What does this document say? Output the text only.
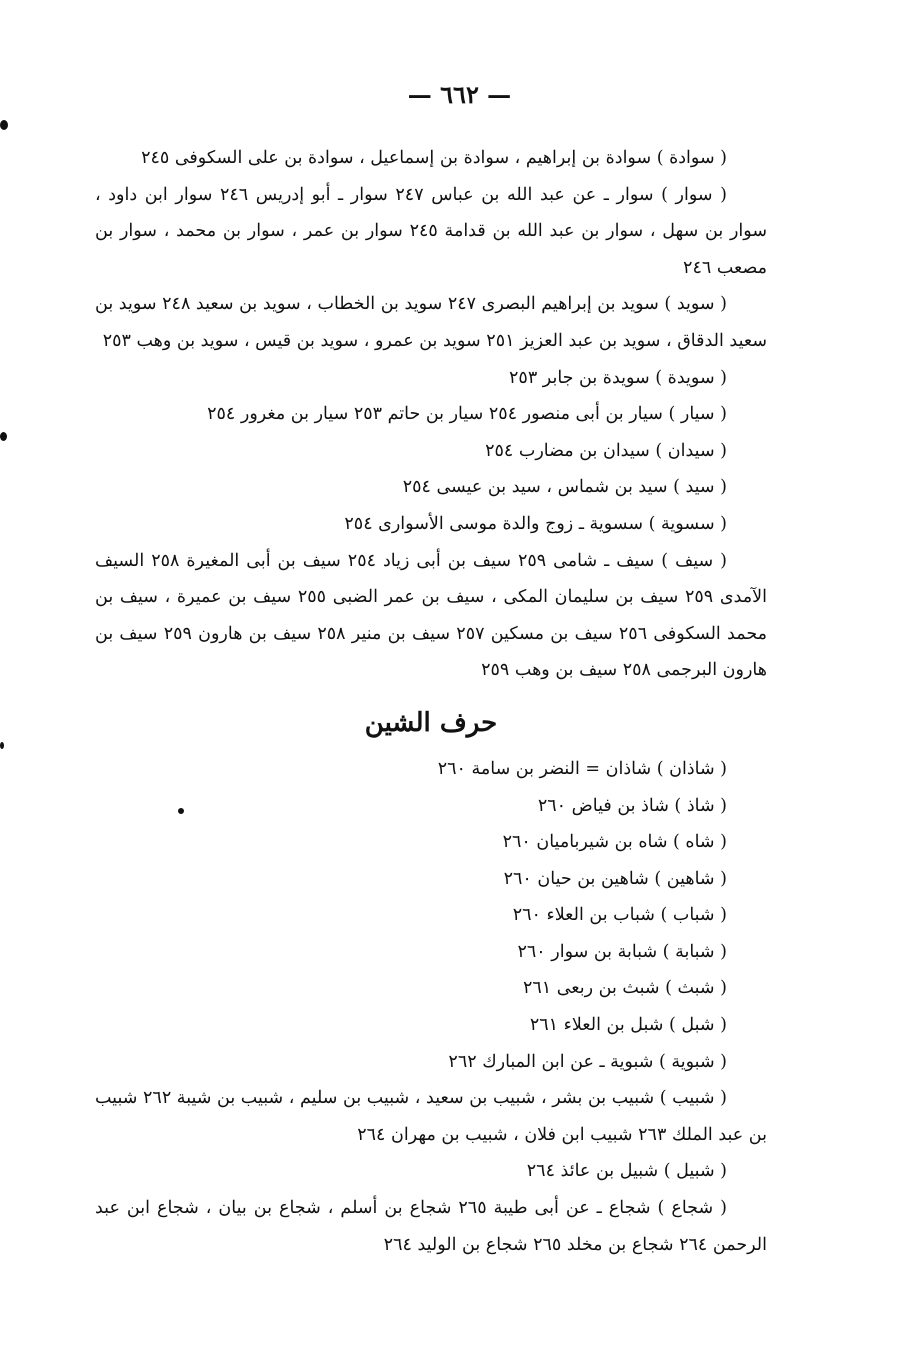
— ٦٦٢ —

( سوادة ) سوادة بن إبراهيم ، سوادة بن إسماعيل ، سوادة بن على السكوفى ٢٤٥

( سوار ) سوار ـ عن عبد الله بن عباس ٢٤٧ سوار ـ أبو إدريس ٢٤٦ سوار ابن داود ، سوار بن سهل ، سوار بن عبد الله بن قدامة ٢٤٥ سوار بن عمر ، سوار بن محمد ، سوار بن مصعب ٢٤٦

( سويد ) سويد بن إبراهيم البصرى ٢٤٧ سويد بن الخطاب ، سويد بن سعيد ٢٤٨ سويد بن سعيد الدقاق ، سويد بن عبد العزيز ٢٥١ سويد بن عمرو ، سويد بن قيس ، سويد بن وهب ٢٥٣

( سويدة ) سويدة بن جابر ٢٥٣

( سيار ) سيار بن أبى منصور ٢٥٤ سيار بن حاتم ٢٥٣ سيار بن مغرور ٢٥٤

( سيدان ) سيدان بن مضارب ٢٥٤

( سيد ) سيد بن شماس ، سيد بن عيسى ٢٥٤

( سسوية ) سسوية ـ زوج والدة موسى الأسوارى ٢٥٤

( سيف ) سيف ـ شامى ٢٥٩ سيف بن أبى زياد ٢٥٤ سيف بن أبى المغيرة ٢٥٨ السيف الآمدى ٢٥٩ سيف بن سليمان المكى ، سيف بن عمر الضبى ٢٥٥ سيف بن عميرة ، سيف بن محمد السكوفى ٢٥٦ سيف بن مسكين ٢٥٧ سيف بن منير ٢٥٨ سيف بن هارون ٢٥٩ سيف بن هارون البرجمى ٢٥٨ سيف بن وهب ٢٥٩

حرف الشين

( شاذان ) شاذان = النضر بن سامة ٢٦٠

( شاذ ) شاذ بن فياض ٢٦٠

( شاه ) شاه بن شيربامیان ٢٦٠

( شاهين ) شاهين بن حيان ٢٦٠

( شباب ) شباب بن العلاء ٢٦٠

( شبابة ) شبابة بن سوار ٢٦٠

( شبث ) شبث بن ربعى ٢٦١

( شبل ) شبل بن العلاء ٢٦١

( شبوية ) شبوية ـ عن ابن المبارك ٢٦٢

( شبيب ) شبيب بن بشر ، شبيب بن سعيد ، شبيب بن سليم ، شبيب بن شيبة ٢٦٢ شبيب بن عبد الملك ٢٦٣ شبيب ابن فلان ، شبيب بن مهران ٢٦٤

( شبيل ) شبيل بن عائذ ٢٦٤

( شجاع ) شجاع ـ عن أبى طيبة ٢٦٥ شجاع بن أسلم ، شجاع بن بيان ، شجاع ابن عبد الرحمن ٢٦٤ شجاع بن مخلد ٢٦٥ شجاع بن الوليد ٢٦٤
